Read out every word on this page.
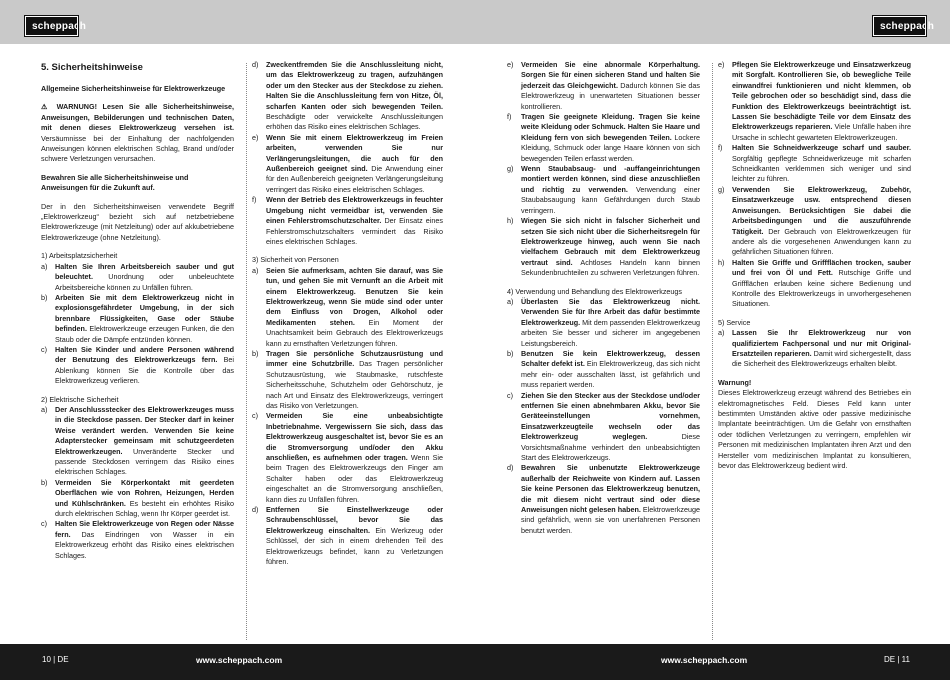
scheppach	scheppach
5. Sicherheitshinweise

Allgemeine Sicherheitshinweise für Elektrowerkzeuge

⚠ WARNUNG! Lesen Sie alle Sicherheitshinweise, Anweisungen, Bebilderungen und technischen Daten, mit denen dieses Elektrowerkzeug versehen ist. Versäumnisse bei der Einhaltung der nachfolgenden Anweisungen können elektrischen Schlag, Brand und/oder schwere Verletzungen verursachen.

Bewahren Sie alle Sicherheitshinweise und Anweisungen für die Zukunft auf.

Der in den Sicherheitshinweisen verwendete Begriff „Elektrowerkzeug“ bezieht sich auf netzbetriebene Elektrowerkzeuge (mit Netzleitung) oder auf akkubetriebene Elektrowerkzeuge (ohne Netzleitung).

1) Arbeitsplatzsicherheit

a)	Halten Sie Ihren Arbeitsbereich sauber und gut beleuchtet. Unordnung oder unbeleuchtete Arbeitsbereiche können zu Unfällen führen.
b)	Arbeiten Sie mit dem Elektrowerkzeug nicht in explosionsgefährdeter Umgebung, in der sich brennbare Flüssigkeiten, Gase oder Stäube befinden. Elektrowerkzeuge erzeugen Funken, die den Staub oder die Dämpfe entzünden können.
c)	Halten Sie Kinder und andere Personen während der Benutzung des Elektrowerkzeugs fern. Bei Ablenkung können Sie die Kontrolle über das Elektrowerkzeug verlieren.

2) Elektrische Sicherheit

a)	Der Anschlussstecker des Elektrowerkzeuges muss in die Steckdose passen. Der Stecker darf in keiner Weise verändert werden. Verwenden Sie keine Adapterstecker gemeinsam mit schutzgeerdeten Elektrowerkzeugen. Unveränderte Stecker und passende Steckdosen verringern das Risiko eines elektrischen Schlages.
b)	Vermeiden Sie Körperkontakt mit geerdeten Oberflächen wie von Rohren, Heizungen, Herden und Kühlschränken. Es besteht ein erhöhtes Risiko durch elektrischen Schlag, wenn Ihr Körper geerdet ist.
c)	Halten Sie Elektrowerkzeuge von Regen oder Nässe fern. Das Eindringen von Wasser in ein Elektrowerkzeug erhöht das Risiko eines elektrischen Schlages.
d)	Zweckentfremden Sie die Anschlussleitung nicht, um das Elektrowerkzeug zu tragen, aufzuhängen oder um den Stecker aus der Steckdose zu ziehen. Halten Sie die Anschlussleitung fern von Hitze, Öl, scharfen Kanten oder sich bewegenden Teilen. Beschädigte oder verwickelte Anschlussleitungen erhöhen das Risiko eines elektrischen Schlages.
e)	Wenn Sie mit einem Elektrowerkzeug im Freien arbeiten, verwenden Sie nur Verlängerungsleitungen, die auch für den Außenbereich geeignet sind. Die Anwendung einer für den Außenbereich geeigneten Verlängerungsleitung verringert das Risiko eines elektrischen Schlages.
f)	Wenn der Betrieb des Elektrowerkzeugs in feuchter Umgebung nicht vermeidbar ist, verwenden Sie einen Fehlerstromschutzschalter. Der Einsatz eines Fehlerstromschutzschalters vermindert das Risiko eines elektrischen Schlages.

3) Sicherheit von Personen

a)	Seien Sie aufmerksam, achten Sie darauf, was Sie tun, und gehen Sie mit Vernunft an die Arbeit mit einem Elektrowerkzeug. Benutzen Sie kein Elektrowerkzeug, wenn Sie müde sind oder unter dem Einfluss von Drogen, Alkohol oder Medikamenten stehen. Ein Moment der Unachtsamkeit beim Gebrauch des Elektrowerkzeugs kann zu ernsthaften Verletzungen führen.
b)	Tragen Sie persönliche Schutzausrüstung und immer eine Schutzbrille. Das Tragen persönlicher Schutzausrüstung, wie Staubmaske, rutschfeste Sicherheitsschuhe, Schutzhelm oder Gehörschutz, je nach Art und Einsatz des Elektrowerkzeugs, verringert das Risiko von Verletzungen.
c)	Vermeiden Sie eine unbeabsichtigte Inbetriebnahme. Vergewissern Sie sich, dass das Elektrowerkzeug ausgeschaltet ist, bevor Sie es an die Stromversorgung und/oder den Akku anschließen, es aufnehmen oder tragen. Wenn Sie beim Tragen des Elektrowerkzeugs den Finger am Schalter haben oder das Elektrowerkzeug eingeschaltet an die Stromversorgung anschließen, kann dies zu Unfällen führen.
d)	Entfernen Sie Einstellwerkzeuge oder Schraubenschlüssel, bevor Sie das Elektrowerkzeug einschalten. Ein Werkzeug oder Schlüssel, der sich in einem drehenden Teil des Elektrowerkzeugs befindet, kann zu Verletzungen führen.
e)	Vermeiden Sie eine abnormale Körperhaltung. Sorgen Sie für einen sicheren Stand und halten Sie jederzeit das Gleichgewicht. Dadurch können Sie das Elektrowerkzeug in unerwarteten Situationen besser kontrollieren.
f)	Tragen Sie geeignete Kleidung. Tragen Sie keine weite Kleidung oder Schmuck. Halten Sie Haare und Kleidung fern von sich bewegenden Teilen. Lockere Kleidung, Schmuck oder lange Haare können von sich bewegenden Teilen erfasst werden.
g)	Wenn Staubabsaug- und -auffangeinrichtungen montiert werden können, sind diese anzuschließen und richtig zu verwenden. Verwendung einer Staubabsaugung kann Gefährdungen durch Staub verringern.
h)	Wiegen Sie sich nicht in falscher Sicherheit und setzen Sie sich nicht über die Sicherheitsregeln für Elektrowerkzeuge hinweg, auch wenn Sie nach vielfachem Gebrauch mit dem Elektrowerkzeug vertraut sind. Achtloses Handeln kann binnen Sekundenbruchteilen zu schweren Verletzungen führen.

4) Verwendung und Behandlung des Elektrowerkzeugs

a)	Überlasten Sie das Elektrowerkzeug nicht. Verwenden Sie für Ihre Arbeit das dafür bestimmte Elektrowerkzeug. Mit dem passenden Elektrowerkzeug arbeiten Sie besser und sicherer im angegebenen Leistungsbereich.
b)	Benutzen Sie kein Elektrowerkzeug, dessen Schalter defekt ist. Ein Elektrowerkzeug, das sich nicht mehr ein- oder ausschalten lässt, ist gefährlich und muss repariert werden.
c)	Ziehen Sie den Stecker aus der Steckdose und/oder entfernen Sie einen abnehmbaren Akku, bevor Sie Geräteeinstellungen vornehmen, Einsatzwerkzeugteile wechseln oder das Elektrowerkzeug weglegen. Diese Vorsichtsmaßnahme verhindert den unbeabsichtigten Start des Elektrowerkzeugs.
d)	Bewahren Sie unbenutzte Elektrowerkzeuge außerhalb der Reichweite von Kindern auf. Lassen Sie keine Personen das Elektrowerkzeug benutzen, die mit diesem nicht vertraut sind oder diese Anweisungen nicht gelesen haben. Elektrowerkzeuge sind gefährlich, wenn sie von unerfahrenen Personen benutzt werden.
e)	Pflegen Sie Elektrowerkzeuge und Einsatzwerkzeug mit Sorgfalt. Kontrollieren Sie, ob bewegliche Teile einwandfrei funktionieren und nicht klemmen, ob Teile gebrochen oder so beschädigt sind, dass die Funktion des Elektrowerkzeugs beeinträchtigt ist. Lassen Sie beschädigte Teile vor dem Einsatz des Elektrowerkzeugs reparieren. Viele Unfälle haben ihre Ursache in schlecht gewarteten Elektrowerkzeugen.
f)	Halten Sie Schneidwerkzeuge scharf und sauber. Sorgfältig gepflegte Schneidwerkzeuge mit scharfen Schneidkanten verklemmen sich weniger und sind leichter zu führen.
g)	Verwenden Sie Elektrowerkzeug, Zubehör, Einsatzwerkzeuge usw. entsprechend diesen Anweisungen. Berücksichtigen Sie dabei die Arbeitsbedingungen und die auszuführende Tätigkeit. Der Gebrauch von Elektrowerkzeugen für andere als die vorgesehenen Anwendungen kann zu gefährlichen Situationen führen.
h)	Halten Sie Griffe und Griffflächen trocken, sauber und frei von Öl und Fett. Rutschige Griffe und Griffflächen erlauben keine sichere Bedienung und Kontrolle des Elektrowerkzeugs in unvorhergesehenen Situationen.

5) Service

a)	Lassen Sie Ihr Elektrowerkzeug nur von qualifiziertem Fachpersonal und nur mit Original-Ersatzteilen reparieren. Damit wird sichergestellt, dass die Sicherheit des Elektrowerkzeugs erhalten bleibt.

Warnung!

Dieses Elektrowerkzeug erzeugt während des Betriebes ein elektromagnetisches Feld. Dieses Feld kann unter bestimmten Umständen aktive oder passive medizinische Implantate beeinträchtigen. Um die Gefahr von ernsthaften oder tödlichen Verletzungen zu verringern, empfehlen wir Personen mit medizinischen Implantaten ihren Arzt und den Hersteller vom medizinischen Implantat zu konsultieren, bevor das Elektrowerkzeug bedient wird.

10 | DE	www.scheppach.com	www.scheppach.com	DE | 11
